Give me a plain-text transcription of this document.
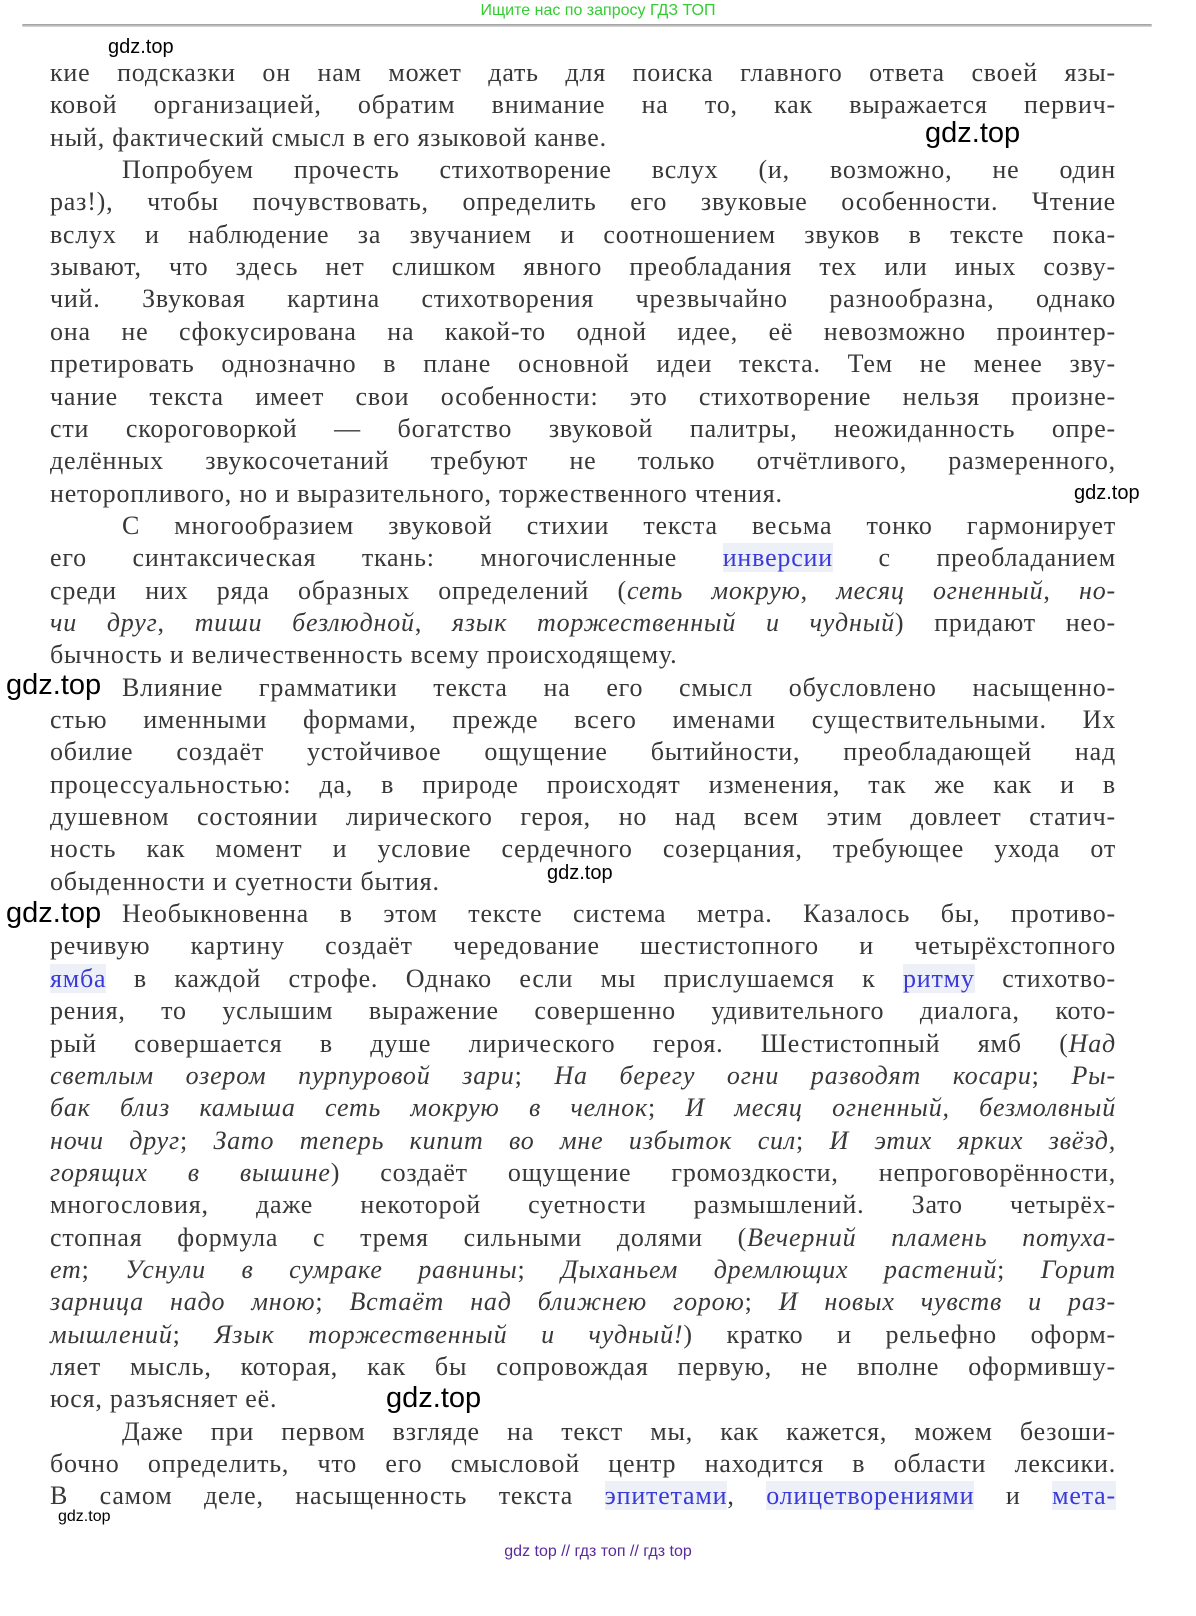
Ищите нас по запросу ГДЗ ТОП
кие подсказки он нам может дать для поиска главного ответа своей язы-
ковой организацией, обратим внимание на то, как выражается первич-
ный, фактический смысл в его языковой канве.
Попробуем прочесть стихотворение вслух (и, возможно, не один
раз!), чтобы почувствовать, определить его звуковые особенности. Чтение
вслух и наблюдение за звучанием и соотношением звуков в тексте пока-
зывают, что здесь нет слишком явного преобладания тех или иных созву-
чий. Звуковая картина стихотворения чрезвычайно разнообразна, однако
она не сфокусирована на какой-то одной идее, её невозможно проинтер-
претировать однозначно в плане основной идеи текста. Тем не менее зву-
чание текста имеет свои особенности: это стихотворение нельзя произне-
сти скороговоркой — богатство звуковой палитры, неожиданность опре-
делённых звукосочетаний требуют не только отчётливого, размеренного,
неторопливого, но и выразительного, торжественного чтения.
С многообразием звуковой стихии текста весьма тонко гармонирует
его синтаксическая ткань: многочисленные инверсии с преобладанием
среди них ряда образных определений (сеть мокрую, месяц огненный, но-
чи друг, тиши безлюдной, язык торжественный и чудный) придают нео-
бычность и величественность всему происходящему.
Влияние грамматики текста на его смысл обусловлено насыщенно-
стью именными формами, прежде всего именами существительными. Их
обилие создаёт устойчивое ощущение бытийности, преобладающей над
процессуальностью: да, в природе происходят изменения, так же как и в
душевном состоянии лирического героя, но над всем этим довлеет статич-
ность как момент и условие сердечного созерцания, требующее ухода от
обыденности и суетности бытия.
Необыкновенна в этом тексте система метра. Казалось бы, противо-
речивую картину создаёт чередование шестистопного и четырёхстопного
ямба в каждой строфе. Однако если мы прислушаемся к ритму стихотво-
рения, то услышим выражение совершенно удивительного диалога, кото-
рый совершается в душе лирического героя. Шестистопный ямб (Над
светлым озером пурпуровой зари; На берегу огни разводят косари; Ры-
бак близ камыша сеть мокрую в челнок; И месяц огненный, безмолвный
ночи друг; Зато теперь кипит во мне избыток сил; И этих ярких звёзд,
горящих в вышине) создаёт ощущение громоздкости, непроговорённости,
многословия, даже некоторой суетности размышлений. Зато четырёх-
стопная формула с тремя сильными долями (Вечерний пламень потуха-
ет; Уснули в сумраке равнины; Дыханьем дремлющих растений; Горит
зарница надо мною; Встаёт над ближнею горою; И новых чувств и раз-
мышлений; Язык торжественный и чудный!) кратко и рельефно оформ-
ляет мысль, которая, как бы сопровождая первую, не вполне оформившу-
юся, разъясняет её.
Даже при первом взгляде на текст мы, как кажется, можем безоши-
бочно определить, что его смысловой центр находится в области лексики.
В самом деле, насыщенность текста эпитетами, олицетворениями и мета-
gdz.top
gdz.top
gdz.top
gdz.top
gdz.top
gdz.top
gdz.top
gdz.top
gdz top // гдз топ // гдз top
